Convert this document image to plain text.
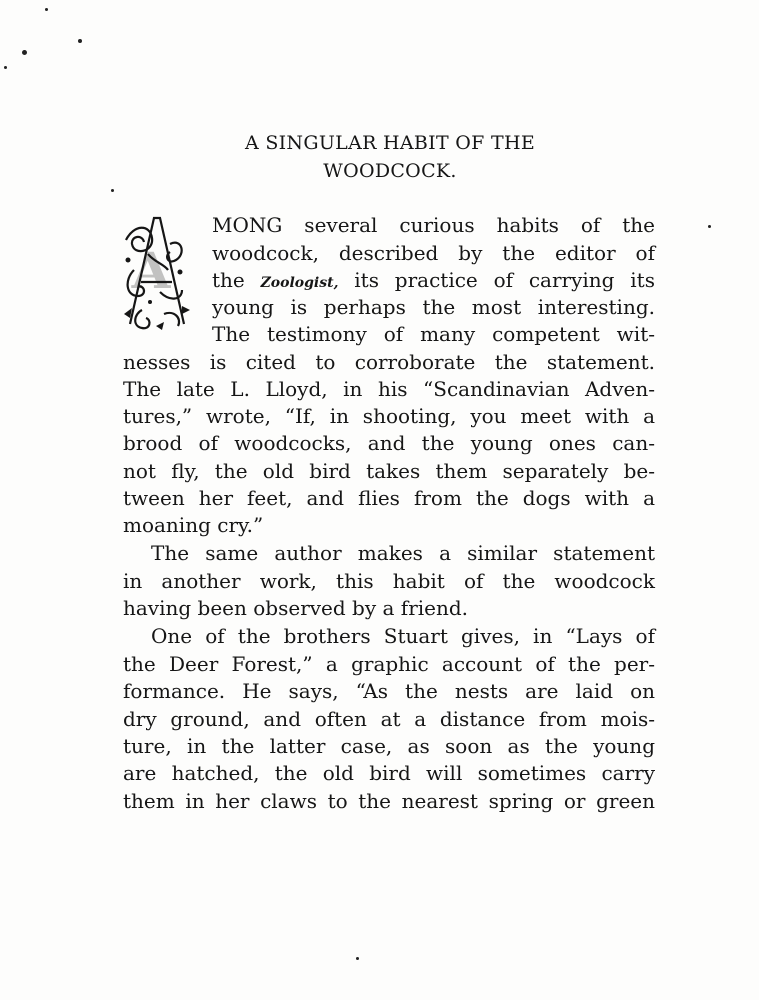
A SINGULAR HABIT OF THE
WOODCOCK.
A
MONG several curious habits of the
woodcock, described by the editor of
the Zoologist, its practice of carrying its
young is perhaps the most interesting.
The testimony of many competent wit-
nesses is cited to corroborate the statement.
The late L. Lloyd, in his “Scandinavian Adven-
tures,” wrote, “If, in shooting, you meet with a
brood of woodcocks, and the young ones can-
not fly, the old bird takes them separately be-
tween her feet, and flies from the dogs with a
moaning cry.”
The same author makes a similar statement
in another work, this habit of the woodcock
having been observed by a friend.
One of the brothers Stuart gives, in “Lays of
the Deer Forest,” a graphic account of the per-
formance. He says, “As the nests are laid on
dry ground, and often at a distance from mois-
ture, in the latter case, as soon as the young
are hatched, the old bird will sometimes carry
them in her claws to the nearest spring or green
